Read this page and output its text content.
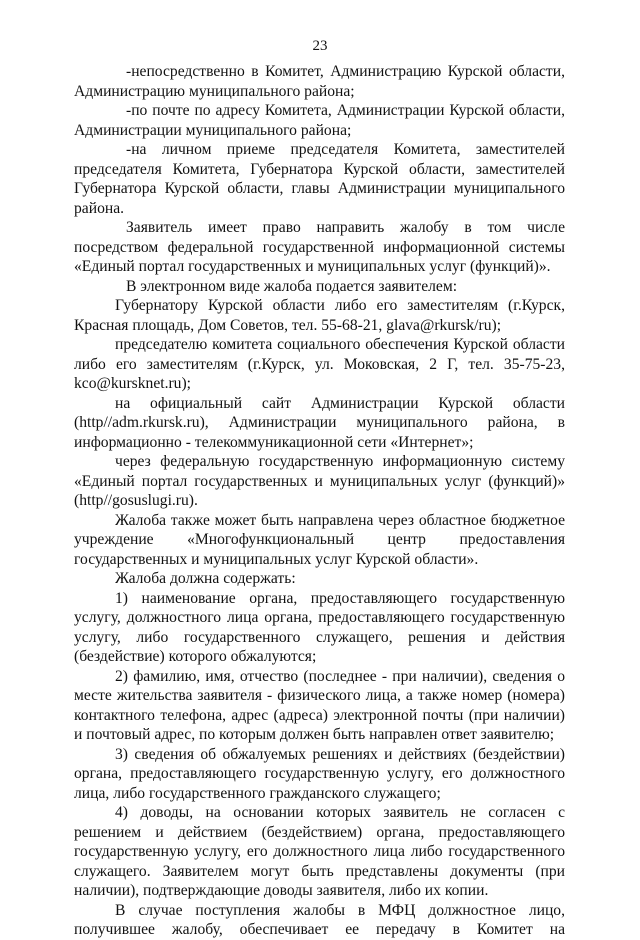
23

-непосредственно в Комитет, Администрацию Курской области, Администрацию муниципального района;

-по почте по адресу Комитета, Администрации Курской области, Администрации муниципального района;

-на личном приеме председателя Комитета, заместителей председателя Комитета, Губернатора Курской области, заместителей Губернатора Курской области, главы Администрации муниципального района.

Заявитель имеет право направить жалобу в том числе посредством федеральной государственной информационной системы «Единый портал государственных и муниципальных услуг (функций)».

В электронном виде жалоба подается заявителем:

Губернатору Курской области либо его заместителям (г.Курск, Красная площадь, Дом Советов, тел. 55-68-21, glava@rkursk/ru);

председателю комитета социального обеспечения Курской области либо его заместителям (г.Курск, ул. Моковская, 2 Г, тел. 35-75-23, kco@kursknet.ru);

на официальный сайт Администрации Курской области (http//adm.rkursk.ru), Администрации муниципального района, в информационно - телекоммуникационной сети «Интернет»;

через федеральную государственную информационную систему «Единый портал государственных и муниципальных услуг (функций)» (http//gosuslugi.ru).

Жалоба также может быть направлена через областное бюджетное учреждение «Многофункциональный центр предоставления государственных и муниципальных услуг Курской области».

Жалоба должна содержать:

1) наименование органа, предоставляющего государственную услугу, должностного лица органа, предоставляющего государственную услугу, либо государственного служащего, решения и действия (бездействие) которого обжалуются;

2) фамилию, имя, отчество (последнее - при наличии), сведения о месте жительства заявителя - физического лица, а также номер (номера) контактного телефона, адрес (адреса) электронной почты (при наличии) и почтовый адрес, по которым должен быть направлен ответ заявителю;

3) сведения об обжалуемых решениях и действиях (бездействии) органа, предоставляющего государственную услугу, его должностного лица, либо государственного гражданского служащего;

4) доводы, на основании которых заявитель не согласен с решением и действием (бездействием) органа, предоставляющего государственную услугу, его должностного лица либо государственного служащего. Заявителем могут быть представлены документы (при наличии), подтверждающие доводы заявителя, либо их копии.

В случае поступления жалобы в МФЦ должностное лицо, получившее жалобу, обеспечивает ее передачу в Комитет на
